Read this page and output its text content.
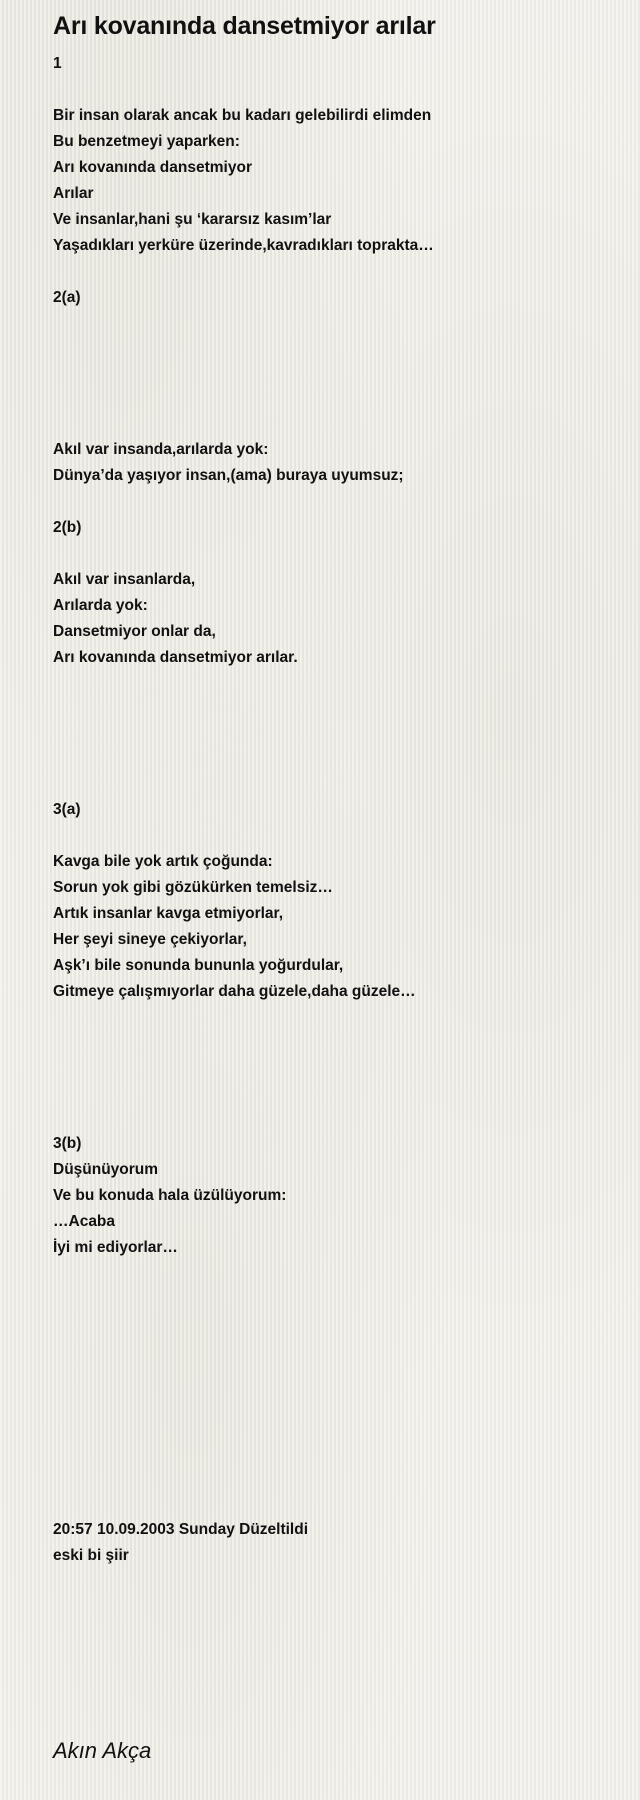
Arı kovanında dansetmiyor arılar
1
Bir insan olarak ancak bu kadarı gelebilirdi elimden
Bu benzetmeyi yaparken:
Arı kovanında dansetmiyor
Arılar
Ve insanlar,hani şu ‘kararsız kasım’lar
Yaşadıkları yerküre üzerinde,kavradıkları toprakta…
2(a)
Akıl var insanda,arılarda yok:
Dünya’da yaşıyor insan,(ama) buraya uyumsuz;
2(b)
Akıl var insanlarda,
Arılarda yok:
Dansetmiyor onlar da,
Arı kovanında dansetmiyor arılar.
3(a)
Kavga bile yok artık çoğunda:
Sorun yok gibi gözükürken temelsiz…
Artık insanlar kavga etmiyorlar,
Her şeyi sineye çekiyorlar,
Aşk’ı bile sonunda bununla yoğurdular,
Gitmeye çalışmıyorlar daha güzele,daha güzele…
3(b)
Düşünüyorum
Ve bu konuda hala üzülüyorum:
…Acaba
İyi mi ediyorlar…
20:57 10.09.2003 Sunday Düzeltildi
eski bi şiir
Akın Akça
